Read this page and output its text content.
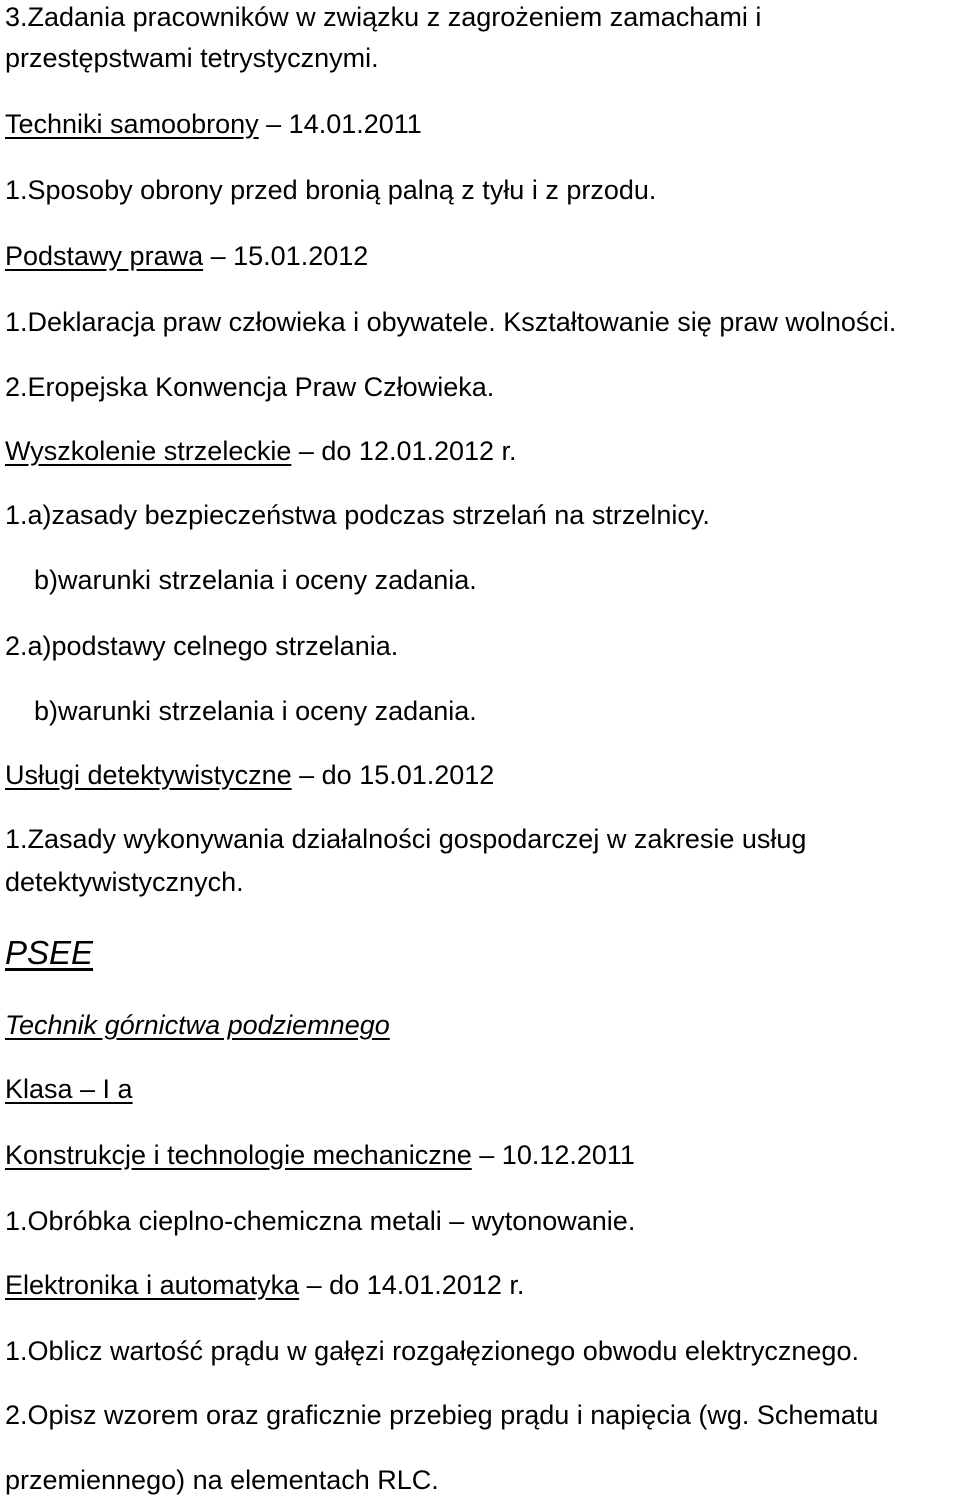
3.Zadania pracowników w związku z zagrożeniem zamachami i
przestępstwami tetrystycznymi.
Techniki samoobrony – 14.01.2011
1.Sposoby obrony przed bronią palną z tyłu i z przodu.
Podstawy prawa – 15.01.2012
1.Deklaracja praw człowieka i obywatele. Kształtowanie się praw wolności.
2.Eropejska Konwencja Praw Człowieka.
Wyszkolenie strzeleckie – do 12.01.2012 r.
1.a)zasady bezpieczeństwa podczas strzelań na strzelnicy.
b)warunki strzelania i oceny zadania.
2.a)podstawy celnego strzelania.
b)warunki strzelania i oceny zadania.
Usługi detektywistyczne – do 15.01.2012
1.Zasady wykonywania działalności gospodarczej w zakresie usług
detektywistycznych.
PSEE
Technik górnictwa podziemnego
Klasa – I a
Konstrukcje i technologie mechaniczne – 10.12.2011
1.Obróbka cieplno-chemiczna metali – wytonowanie.
Elektronika i automatyka – do 14.01.2012 r.
1.Oblicz wartość prądu w gałęzi rozgałęzionego obwodu elektrycznego.
2.Opisz wzorem oraz graficznie przebieg prądu i napięcia (wg. Schematu
przemiennego) na elementach RLC.
